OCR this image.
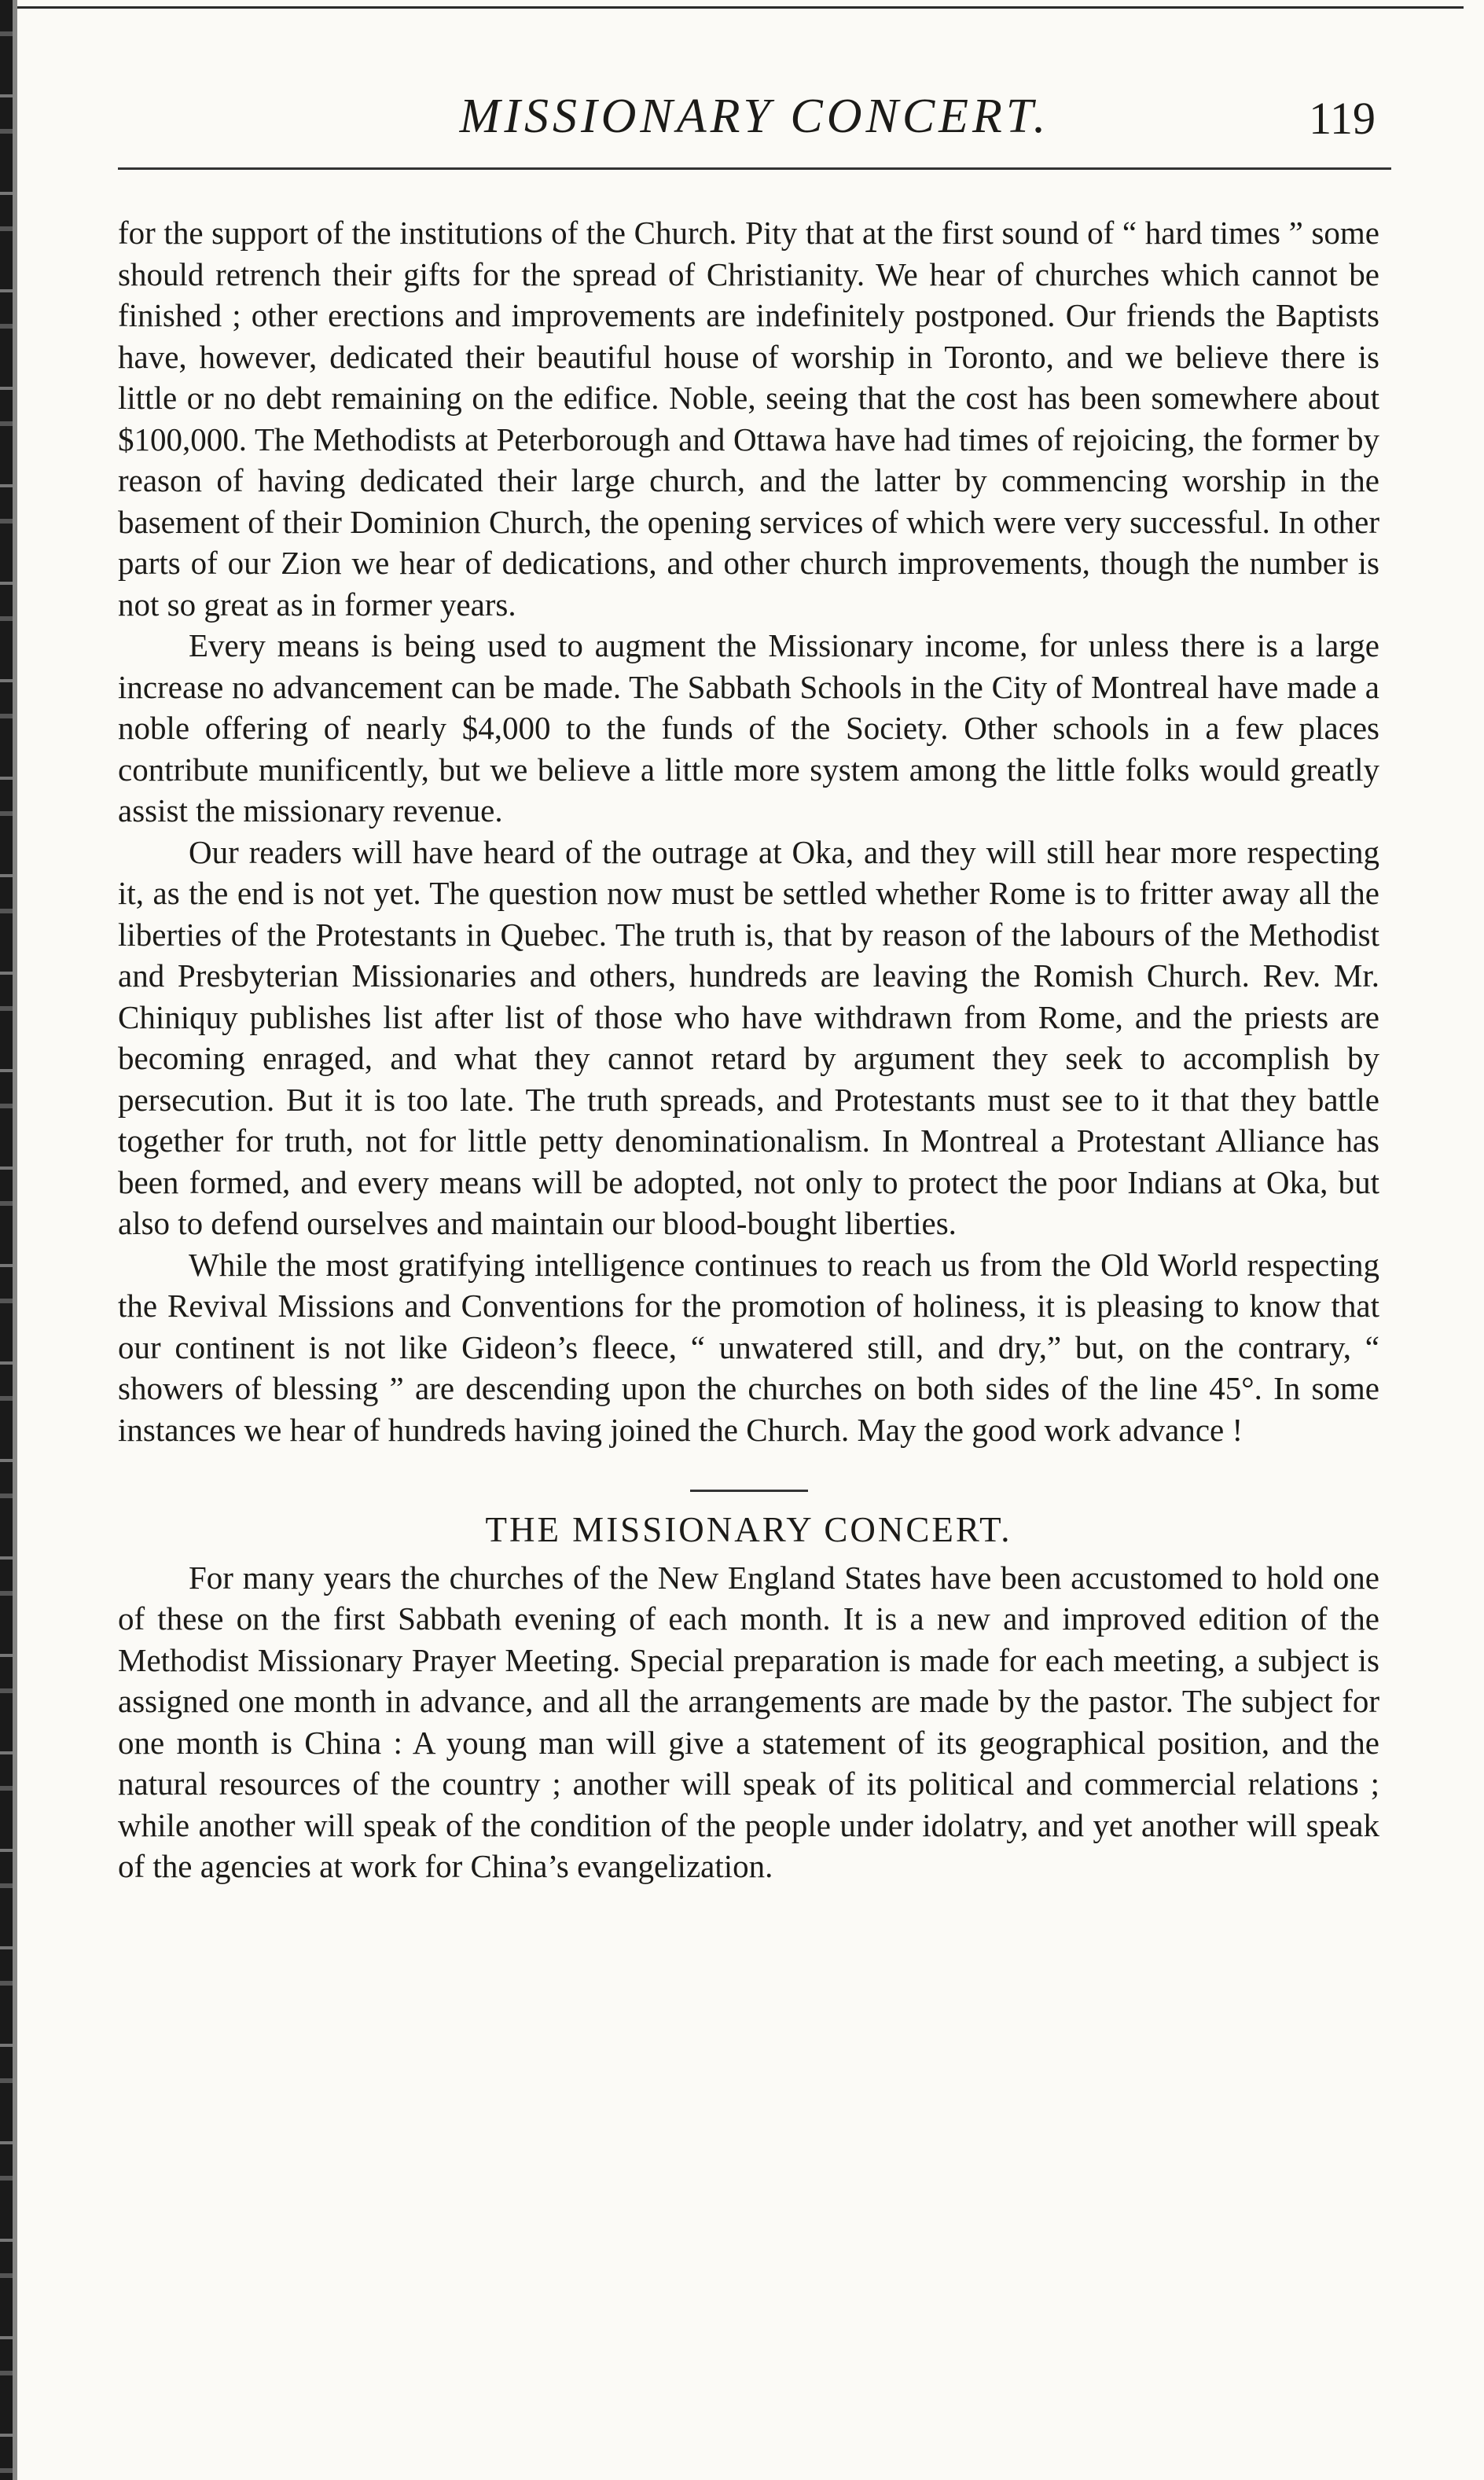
MISSIONARY CONCERT.	119

for the support of the institutions of the Church. Pity that at the first sound of “ hard times ” some should retrench their gifts for the spread of Christianity. We hear of churches which cannot be finished ; other erections and improvements are indefinitely postponed. Our friends the Baptists have, however, dedicated their beautiful house of worship in Toronto, and we believe there is little or no debt remaining on the edifice. Noble, seeing that the cost has been somewhere about $100,000. The Methodists at Peterborough and Ottawa have had times of rejoicing, the former by reason of having dedicated their large church, and the latter by commencing worship in the basement of their Dominion Church, the opening services of which were very successful. In other parts of our Zion we hear of dedications, and other church improvements, though the number is not so great as in former years.

Every means is being used to augment the Missionary income, for unless there is a large increase no advancement can be made. The Sabbath Schools in the City of Montreal have made a noble offering of nearly $4,000 to the funds of the Society. Other schools in a few places contribute munificently, but we believe a little more system among the little folks would greatly assist the missionary revenue.

Our readers will have heard of the outrage at Oka, and they will still hear more respecting it, as the end is not yet. The question now must be settled whether Rome is to fritter away all the liberties of the Protestants in Quebec. The truth is, that by reason of the labours of the Methodist and Presbyterian Missionaries and others, hundreds are leaving the Romish Church. Rev. Mr. Chiniquy publishes list after list of those who have withdrawn from Rome, and the priests are becoming enraged, and what they cannot retard by argument they seek to accomplish by persecution. But it is too late. The truth spreads, and Protestants must see to it that they battle together for truth, not for little petty denominationalism. In Montreal a Protestant Alliance has been formed, and every means will be adopted, not only to protect the poor Indians at Oka, but also to defend ourselves and maintain our blood-bought liberties.

While the most gratifying intelligence continues to reach us from the Old World respecting the Revival Missions and Conventions for the promotion of holiness, it is pleasing to know that our continent is not like Gideon’s fleece, “ unwatered still, and dry,” but, on the contrary, “ showers of blessing ” are descending upon the churches on both sides of the line 45°. In some instances we hear of hundreds having joined the Church. May the good work advance !

THE MISSIONARY CONCERT.

For many years the churches of the New England States have been accustomed to hold one of these on the first Sabbath evening of each month. It is a new and improved edition of the Methodist Missionary Prayer Meeting. Special preparation is made for each meeting, a subject is assigned one month in advance, and all the arrangements are made by the pastor. The subject for one month is China : A young man will give a statement of its geographical position, and the natural resources of the country ; another will speak of its political and commercial relations ; while another will speak of the condition of the people under idolatry, and yet another will speak of the agencies at work for China’s evangelization.
